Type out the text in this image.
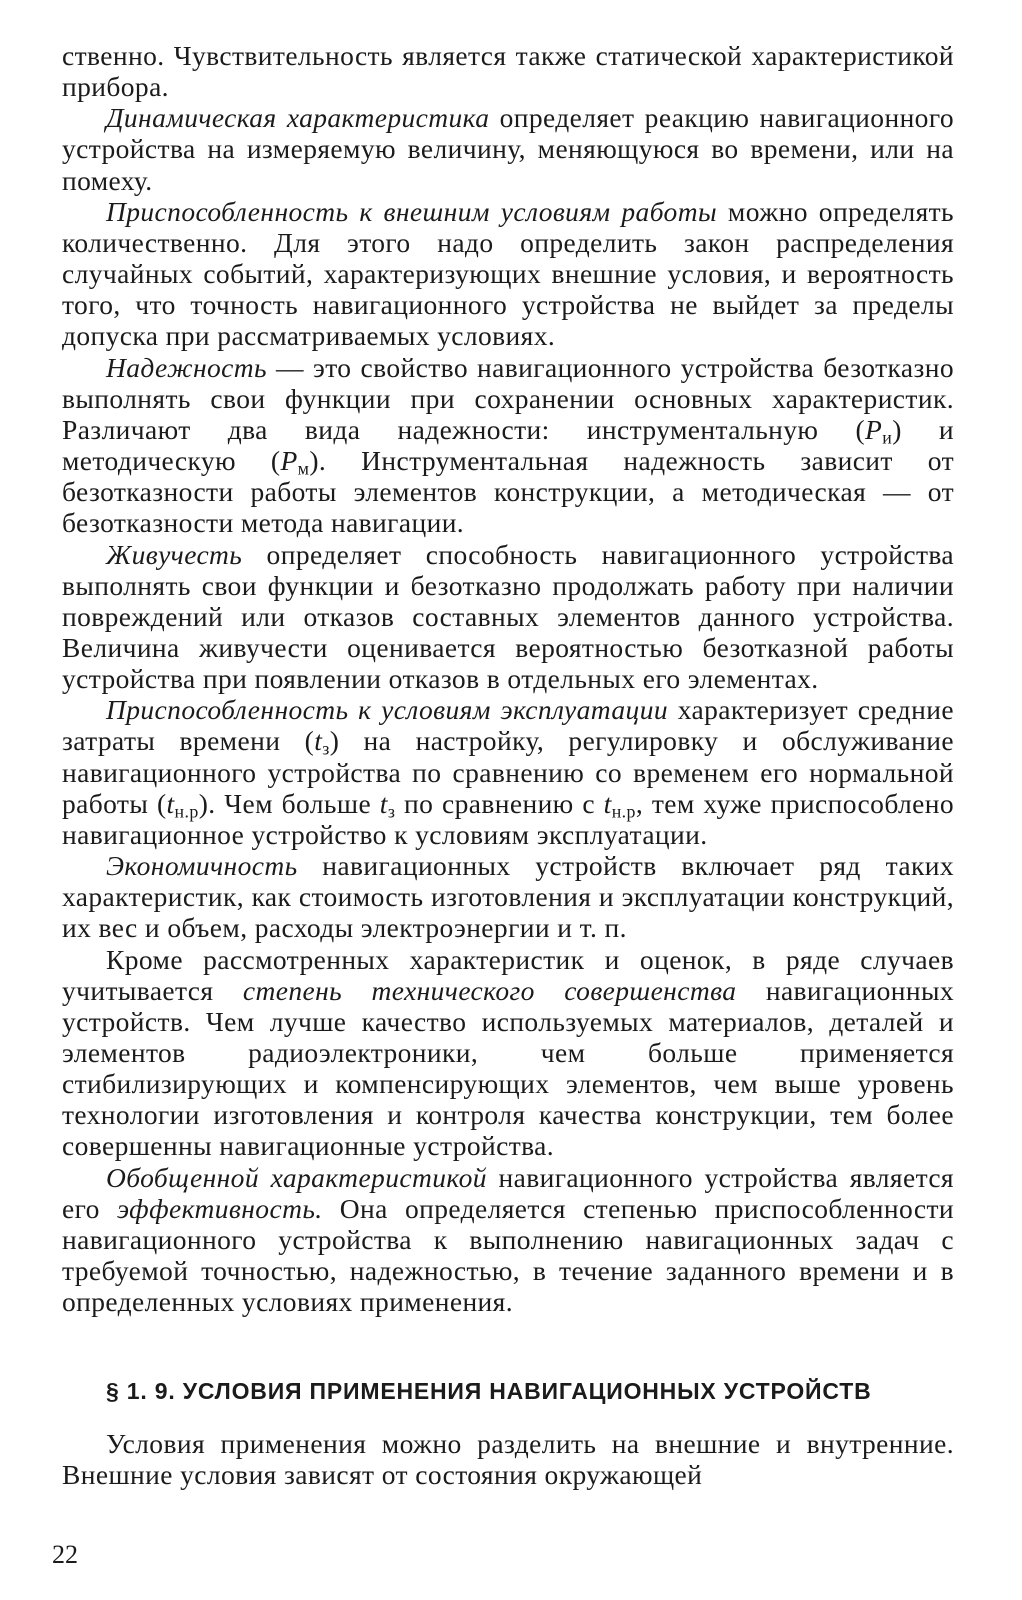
ственно. Чувствительность является также статической характеристикой прибора.

Динамическая характеристика определяет реакцию навигационного устройства на измеряемую величину, меняющуюся во времени, или на помеху.

Приспособленность к внешним условиям работы можно определять количественно. Для этого надо определить закон распределения случайных событий, характеризующих внешние условия, и вероятность того, что точность навигационного устройства не выйдет за пределы допуска при рассматриваемых условиях.

Надежность — это свойство навигационного устройства безотказно выполнять свои функции при сохранении основных характеристик. Различают два вида надежности: инструментальную $(P_и)$ и методическую $(P_м)$. Инструментальная надежность зависит от безотказности работы элементов конструкции, а методическая — от безотказности метода навигации.

Живучесть определяет способность навигационного устройства выполнять свои функции и безотказно продолжать работу при наличии повреждений или отказов составных элементов данного устройства. Величина живучести оценивается вероятностью безотказной работы устройства при появлении отказов в отдельных его элементах.

Приспособленность к условиям эксплуатации характеризует средние затраты времени $(t_з)$ на настройку, регулировку и обслуживание навигационного устройства по сравнению со временем его нормальной работы $(t_{н.р})$. Чем больше $t_з$ по сравнению с $t_{н.р}$, тем хуже приспособлено навигационное устройство к условиям эксплуатации.

Экономичность навигационных устройств включает ряд таких характеристик, как стоимость изготовления и эксплуатации конструкций, их вес и объем, расходы электроэнергии и т. п.

Кроме рассмотренных характеристик и оценок, в ряде случаев учитывается степень технического совершенства навигационных устройств. Чем лучше качество используемых материалов, деталей и элементов радиоэлектроники, чем больше применяется стибилизирующих и компенсирующих элементов, чем выше уровень технологии изготовления и контроля качества конструкции, тем более совершенны навигационные устройства.

Обобщенной характеристикой навигационного устройства является его эффективность. Она определяется степенью приспособленности навигационного устройства к выполнению навигационных задач с требуемой точностью, надежностью, в течение заданного времени и в определенных условиях применения.

§ 1. 9. УСЛОВИЯ ПРИМЕНЕНИЯ НАВИГАЦИОННЫХ УСТРОЙСТВ

Условия применения можно разделить на внешние и внутренние. Внешние условия зависят от состояния окружающей

22
